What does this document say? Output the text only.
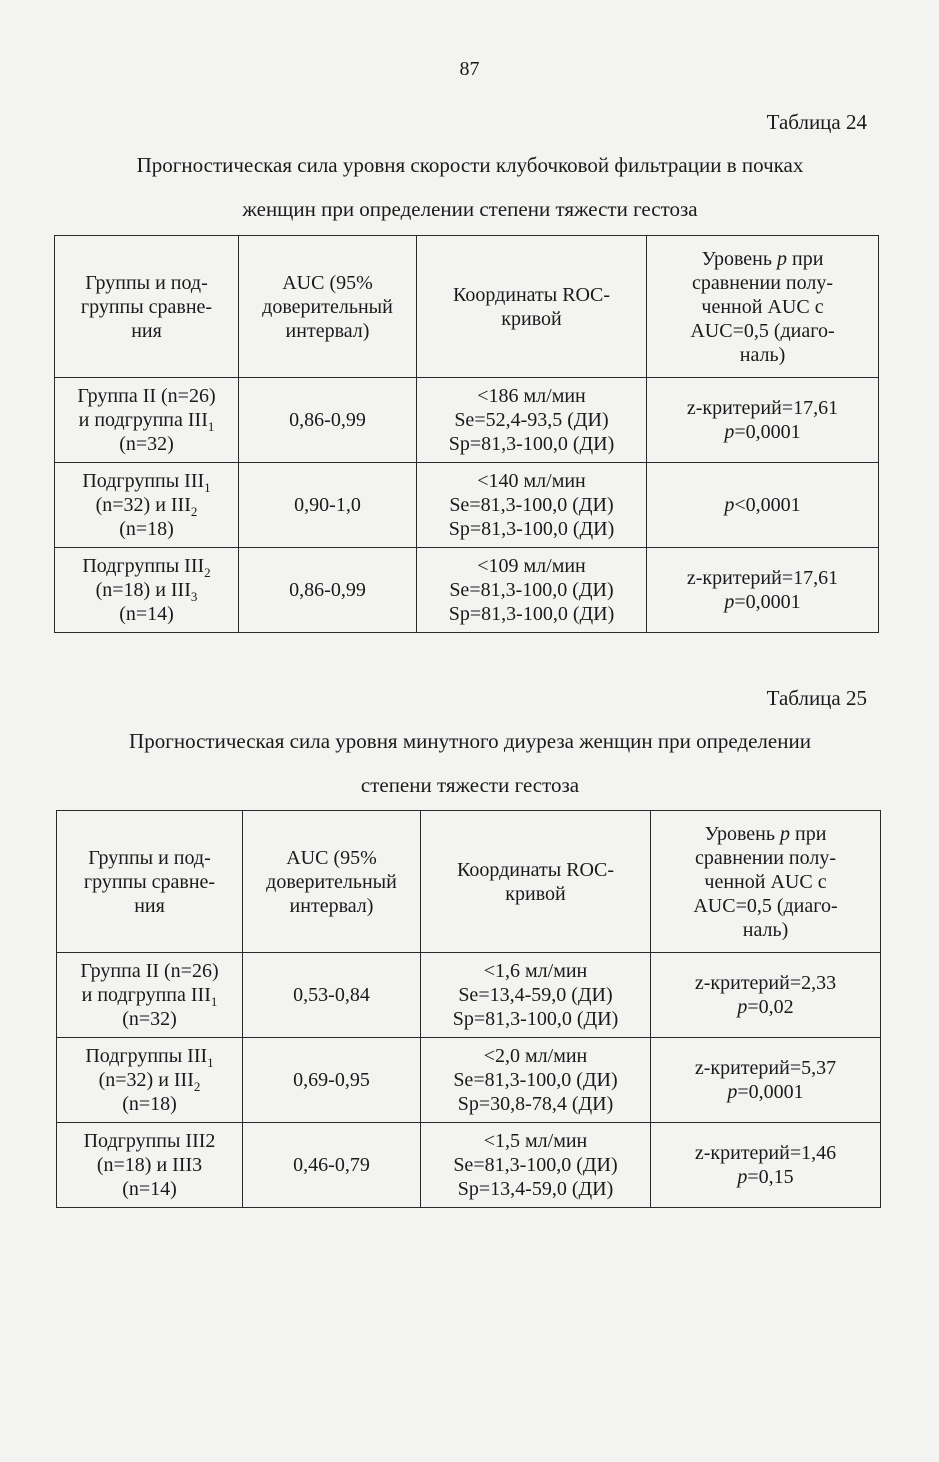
87
Таблица 24
Прогностическая сила уровня скорости клубочковой фильтрации в почках
женщин при определении степени тяжести гестоза
Группы и под-
группы сравне-
ния	AUC (95%
доверительный
интервал)	Координаты ROC-
кривой	Уровень p при
сравнении полу-
ченной AUC с
AUC=0,5 (диаго-
наль)

Группа II (n=26)
и подгруппа $III_1$
(n=32)	0,86-0,99	<186 мл/мин
Se=52,4-93,5 (ДИ)
Sp=81,3-100,0 (ДИ)	z-критерий=17,61
p=0,0001

Подгруппы $III_1$
(n=32) и $III_2$
(n=18)	0,90-1,0	<140 мл/мин
Se=81,3-100,0 (ДИ)
Sp=81,3-100,0 (ДИ)	p<0,0001

Подгруппы $III_2$
(n=18) и $III_3$
(n=14)	0,86-0,99	<109 мл/мин
Se=81,3-100,0 (ДИ)
Sp=81,3-100,0 (ДИ)	z-критерий=17,61
p=0,0001
Таблица 25
Прогностическая сила уровня минутного диуреза женщин при определении
степени тяжести гестоза
Группы и под-
группы сравне-
ния	AUC (95%
доверительный
интервал)	Координаты ROC-
кривой	Уровень p при
сравнении полу-
ченной AUC с
AUC=0,5 (диаго-
наль)

Группа II (n=26)
и подгруппа $III_1$
(n=32)	0,53-0,84	<1,6 мл/мин
Se=13,4-59,0 (ДИ)
Sp=81,3-100,0 (ДИ)	z-критерий=2,33
p=0,02

Подгруппы $III_1$
(n=32) и $III_2$
(n=18)	0,69-0,95	<2,0 мл/мин
Se=81,3-100,0 (ДИ)
Sp=30,8-78,4 (ДИ)	z-критерий=5,37
p=0,0001

Подгруппы III2
(n=18) и III3
(n=14)	0,46-0,79	<1,5 мл/мин
Se=81,3-100,0 (ДИ)
Sp=13,4-59,0 (ДИ)	z-критерий=1,46
p=0,15
